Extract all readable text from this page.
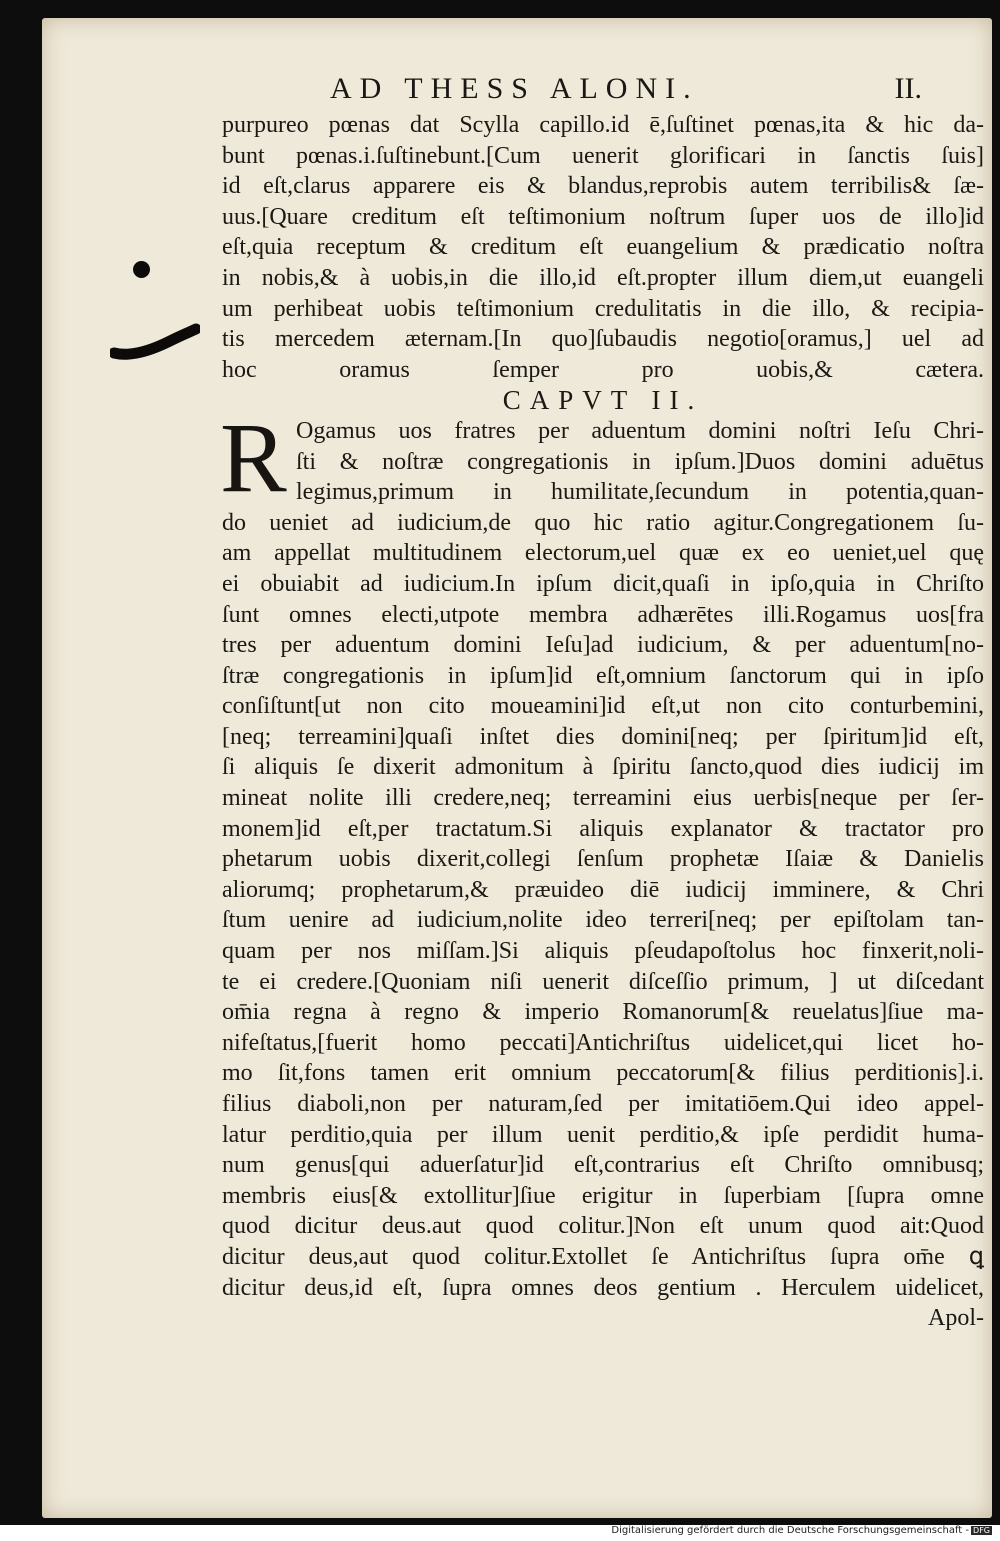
AD THESS ALONI.	II.
purpureo pœnas dat Scylla capillo.id ē,ſuſtinet pœnas,ita & hic da-
bunt pœnas.i.ſuſtinebunt.[Cum uenerit glorificari in ſanctis ſuis]
id eſt,clarus apparere eis & blandus,reprobis autem terribilis& ſæ-
uus.[Quare creditum eſt teſtimonium noſtrum ſuper uos de illo]id
eſt,quia receptum & creditum eſt euangelium & prædicatio noſtra
in nobis,& à uobis,in die illo,id eſt.propter illum diem,ut euangeli
um perhibeat uobis teſtimonium credulitatis in die illo, & recipia-
tis mercedem æternam.[In quo]ſubaudis negotio[oramus,] uel ad
hoc oramus ſemper pro uobis,& cætera.
CAPVT II.
Ogamus uos fratres per aduentum domini noſtri Ieſu Chri-
ſti & noſtræ congregationis in ipſum.]Duos domini aduētus
legimus,primum in humilitate,ſecundum in potentia,quan-
do ueniet ad iudicium,de quo hic ratio agitur.Congregationem ſu-
am appellat multitudinem electorum,uel quæ ex eo ueniet,uel quę
ei obuiabit ad iudicium.In ipſum dicit,quaſi in ipſo,quia in Chriſto
ſunt omnes electi,utpote membra adhærētes illi.Rogamus uos[fra
tres per aduentum domini Ieſu]ad iudicium, & per aduentum[no-
ſtræ congregationis in ipſum]id eſt,omnium ſanctorum qui in ipſo
conſiſtunt[ut non cito moueamini]id eſt,ut non cito conturbemini,
[neq; terreamini]quaſi inſtet dies domini[neq; per ſpiritum]id eſt,
ſi aliquis ſe dixerit admonitum à ſpiritu ſancto,quod dies iudicij im
mineat nolite illi credere,neq; terreamini eius uerbis[neque per ſer-
monem]id eſt,per tractatum.Si aliquis explanator & tractator pro
phetarum uobis dixerit,collegi ſenſum prophetæ Iſaiæ & Danielis
aliorumq; prophetarum,& præuideo diē iudicij imminere, & Chri
ſtum uenire ad iudicium,nolite ideo terreri[neq; per epiſtolam tan-
quam per nos miſſam.]Si aliquis pſeudapoſtolus hoc finxerit,noli-
te ei credere.[Quoniam niſi uenerit diſceſſio primum, ] ut diſcedant
om̄ia regna à regno & imperio Romanorum[& reuelatus]ſiue ma-
nifeſtatus,[fuerit homo peccati]Antichriſtus uidelicet,qui licet ho-
mo ſit,fons tamen erit omnium peccatorum[& filius perditionis].i.
filius diaboli,non per naturam,ſed per imitatiōem.Qui ideo appel-
latur perditio,quia per illum uenit perditio,& ipſe perdidit huma-
num genus[qui aduerſatur]id eſt,contrarius eſt Chriſto omnibusq;
membris eius[& extollitur]ſiue erigitur in ſuperbiam [ſupra omne
quod dicitur deus.aut quod colitur.]Non eſt unum quod ait:Quod
dicitur deus,aut quod colitur.Extollet ſe Antichriſtus ſupra om̄e ꝗ
dicitur deus,id eſt, ſupra omnes deos gentium . Herculem uidelicet,
Apol-
R
Digitalisierung gefördert durch die Deutsche Forschungsgemeinschaft - DFG
